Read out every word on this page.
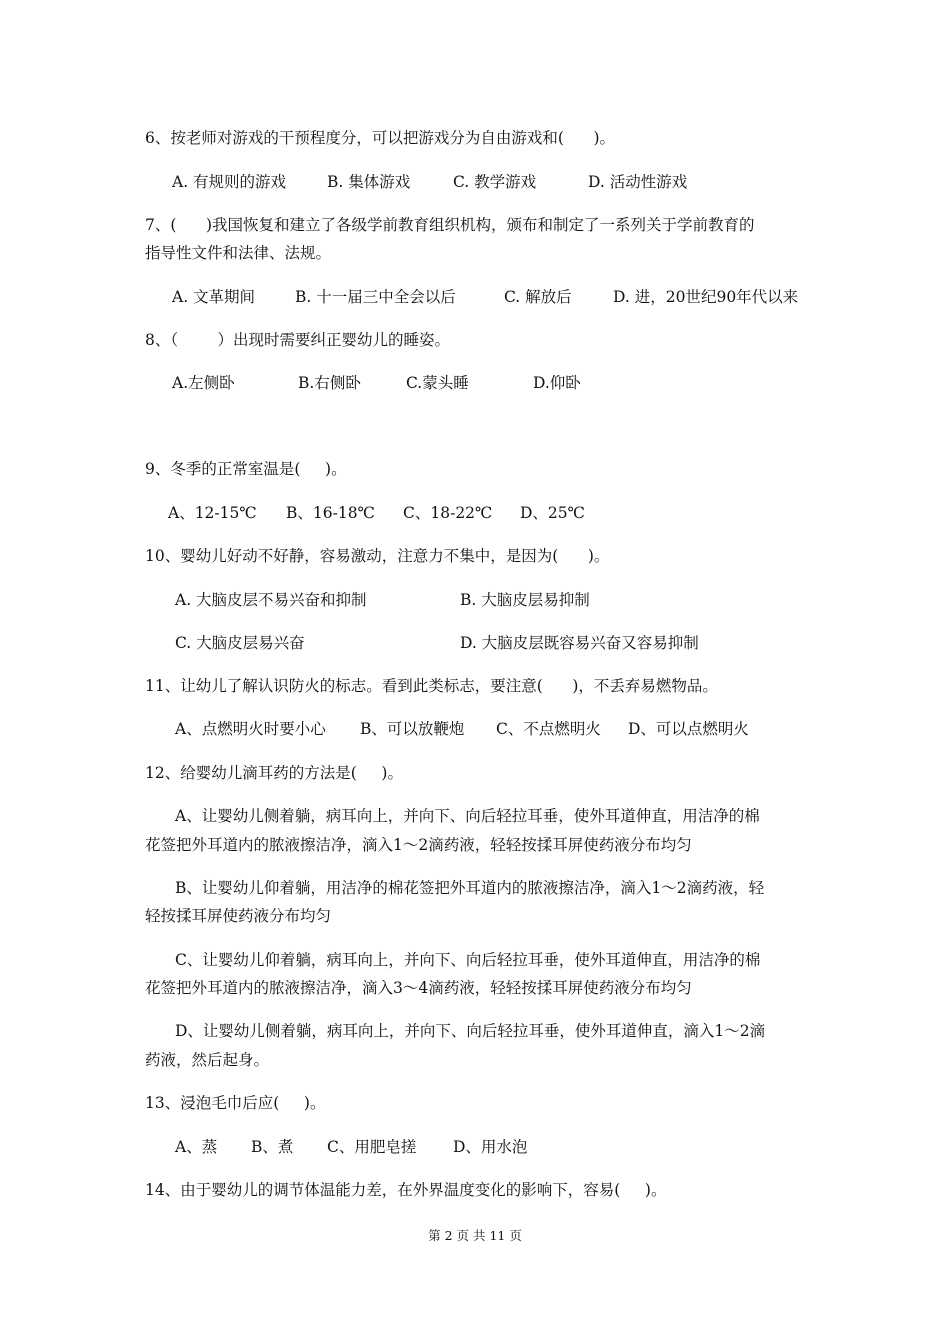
6、按老师对游戏的干预程度分，可以把游戏分为自由游戏和(      )。
A. 有规则的游戏	B. 集体游戏	C. 教学游戏	D. 活动性游戏
7、(      )我国恢复和建立了各级学前教育组织机构，颁布和制定了一系列关于学前教育的
指导性文件和法律、法规。
A. 文革期间	B. 十一届三中全会以后	C. 解放后	D. 进，20世纪90年代以来
8、（        ）出现时需要纠正婴幼儿的睡姿。
A.左侧卧	B.右侧卧	C.蒙头睡	D.仰卧
9、冬季的正常室温是(     )。
A、12-15℃ B、16-18℃ C、18-22℃ D、25℃
10、婴幼儿好动不好静，容易激动，注意力不集中，是因为(      )。
A. 大脑皮层不易兴奋和抑制	B. 大脑皮层易抑制
C. 大脑皮层易兴奋	D. 大脑皮层既容易兴奋又容易抑制
11、让幼儿了解认识防火的标志。看到此类标志，要注意(      )，不丢弃易燃物品。
A、点燃明火时要小心 B、可以放鞭炮 C、不点燃明火 D、可以点燃明火
12、给婴幼儿滴耳药的方法是(     )。
A、让婴幼儿侧着躺，病耳向上，并向下、向后轻拉耳垂，使外耳道伸直，用洁净的棉
花签把外耳道内的脓液擦洁净，滴入1～2滴药液，轻轻按揉耳屏使药液分布均匀
B、让婴幼儿仰着躺，用洁净的棉花签把外耳道内的脓液擦洁净，滴入1～2滴药液，轻
轻按揉耳屏使药液分布均匀
C、让婴幼儿仰着躺，病耳向上，并向下、向后轻拉耳垂，使外耳道伸直，用洁净的棉
花签把外耳道内的脓液擦洁净，滴入3～4滴药液，轻轻按揉耳屏使药液分布均匀
D、让婴幼儿侧着躺，病耳向上，并向下、向后轻拉耳垂，使外耳道伸直，滴入1～2滴
药液，然后起身。
13、浸泡毛巾后应(     )。
A、蒸 B、煮 C、用肥皂搓 D、用水泡
14、由于婴幼儿的调节体温能力差，在外界温度变化的影响下，容易(     )。
第 2 页 共 11 页
